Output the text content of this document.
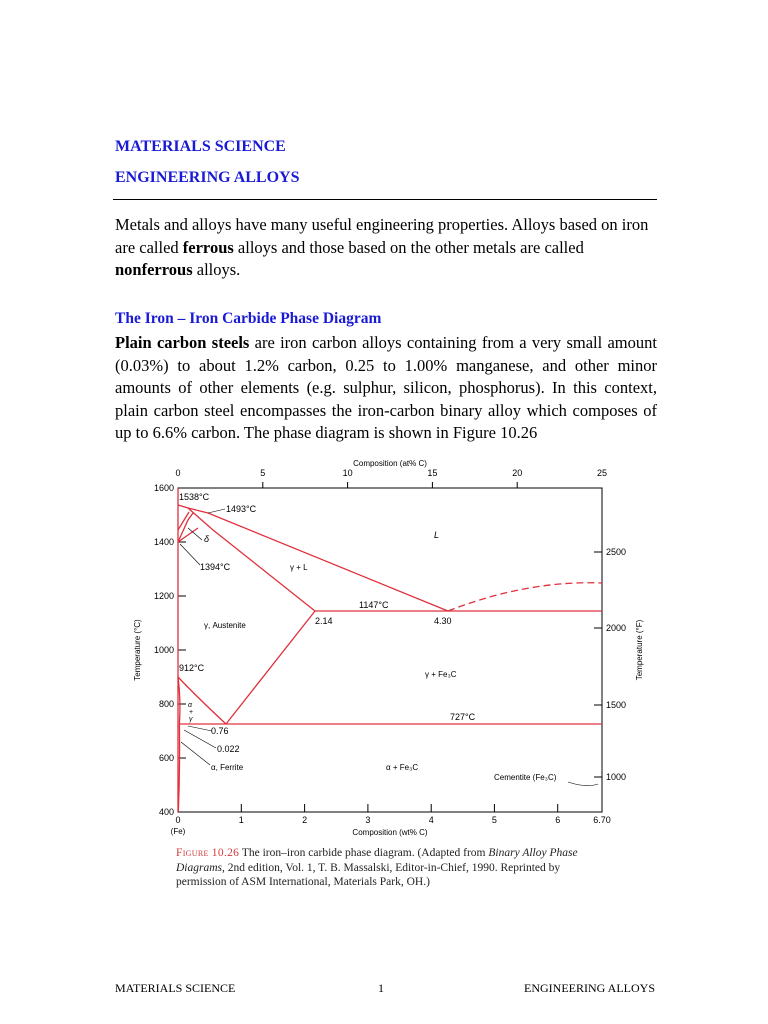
MATERIALS SCIENCE

ENGINEERING ALLOYS

Metals and alloys have many useful engineering properties. Alloys based on iron are called ferrous alloys and those based on the other metals are called nonferrous alloys.

The Iron – Iron Carbide Phase Diagram

Plain carbon steels are iron carbon alloys containing from a very small amount (0.03%) to about 1.2% carbon, 0.25 to 1.00% manganese, and other minor amounts of other elements (e.g. sulphur, silicon, phosphorus). In this context, plain carbon steel encompasses the iron-carbon binary alloy which composes of up to 6.6% carbon. The phase diagram is shown in Figure 10.26

0	5	10	15	20	25
Composition (at% C)
0	1	2	3	4	5	6	6.70
(Fe)	Composition (wt% C)
1600
1400
1200
1000
800
600
400
Temperature (°C)
2500
2000
1500
1000
Temperature (°F)
1538°C
1493°C
δ
1394°C
L
γ + L
1147°C
γ, Austenite	2.14	4.30
γ + Fe₃C
912°C
727°C
α
+
γ
0.76
0.022
α, Ferrite	α + Fe₃C
Cementite (Fe₃C)

Figure 10.26 The iron–iron carbide phase diagram. (Adapted from Binary Alloy Phase Diagrams, 2nd edition, Vol. 1, T. B. Massalski, Editor-in-Chief, 1990. Reprinted by permission of ASM International, Materials Park, OH.)

MATERIALS SCIENCE	1	ENGINEERING ALLOYS
